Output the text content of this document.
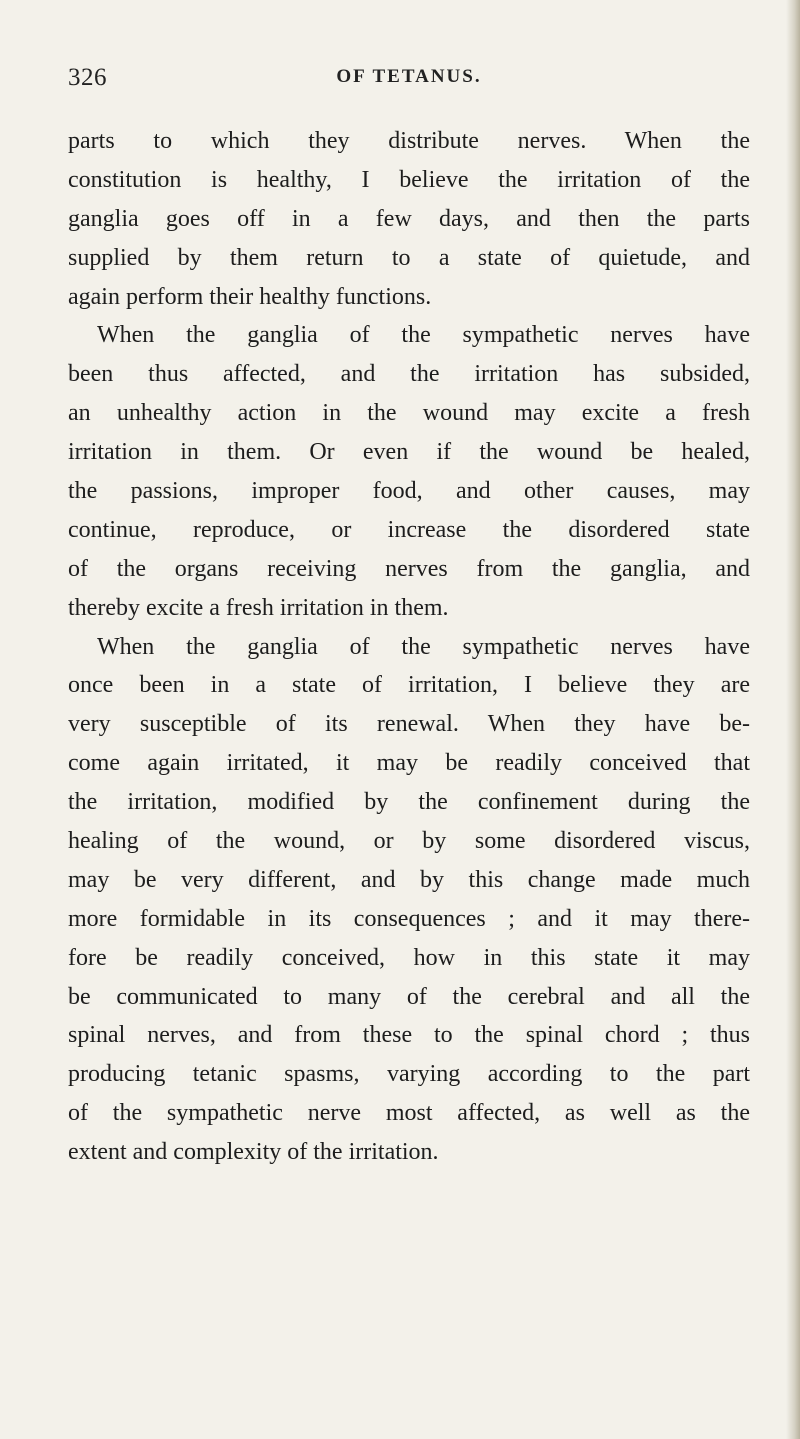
326	OF TETANUS.
parts to which they distribute nerves. When the
constitution is healthy, I believe the irritation of the
ganglia goes off in a few days, and then the parts
supplied by them return to a state of quietude, and
again perform their healthy functions.
When the ganglia of the sympathetic nerves have
been thus affected, and the irritation has subsided,
an unhealthy action in the wound may excite a fresh
irritation in them. Or even if the wound be healed,
the passions, improper food, and other causes, may
continue, reproduce, or increase the disordered state
of the organs receiving nerves from the ganglia, and
thereby excite a fresh irritation in them.
When the ganglia of the sympathetic nerves have
once been in a state of irritation, I believe they are
very susceptible of its renewal. When they have be-
come again irritated, it may be readily conceived that
the irritation, modified by the confinement during the
healing of the wound, or by some disordered viscus,
may be very different, and by this change made much
more formidable in its consequences ; and it may there-
fore be readily conceived, how in this state it may
be communicated to many of the cerebral and all the
spinal nerves, and from these to the spinal chord ; thus
producing tetanic spasms, varying according to the part
of the sympathetic nerve most affected, as well as the
extent and complexity of the irritation.
